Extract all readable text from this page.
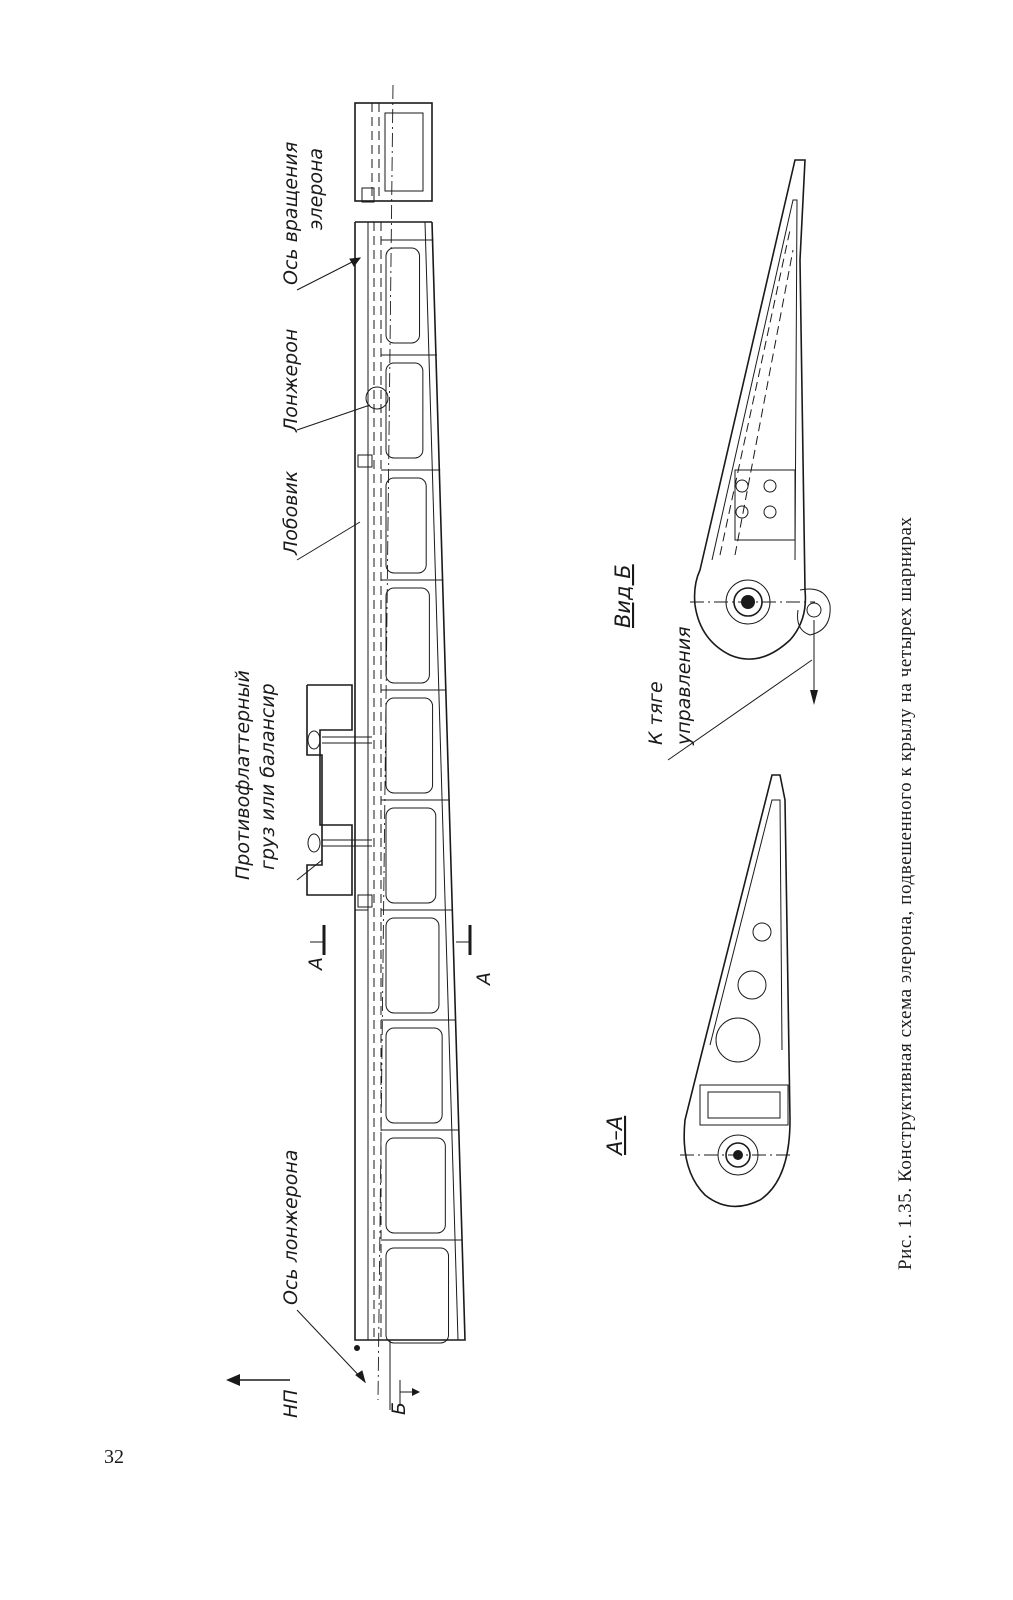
Ось вращения элерона
Лонжерон
Лобовик
Противофлаттерный груз или балансир
Ось лонжерона
НП
А
А
Б
А–А
Вид Б
К тяге управления	Рис. 1.35. Конструктивная схема элерона, подвешенного к крылу на четырех шарнирах
32
